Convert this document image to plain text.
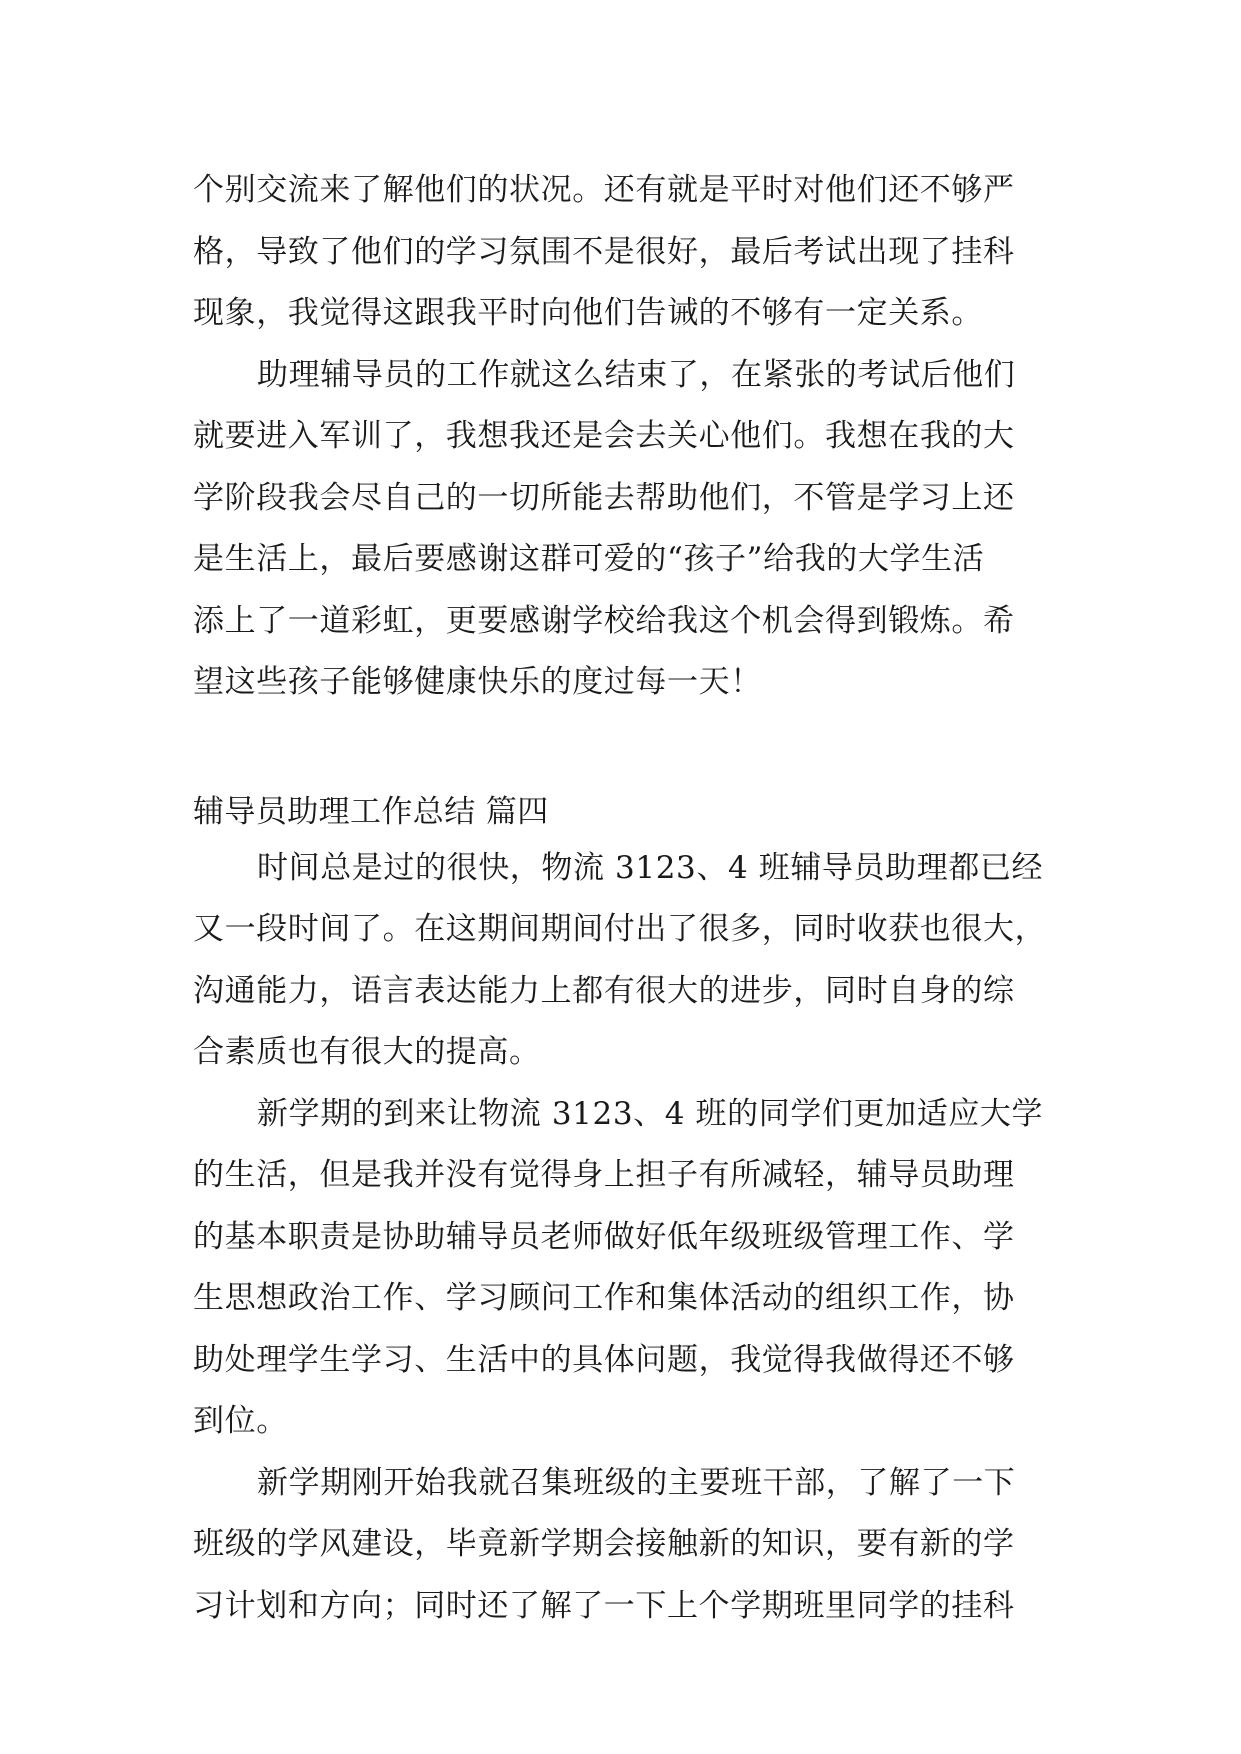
个别交流来了解他们的状况。还有就是平时对他们还不够严
格，导致了他们的学习氛围不是很好，最后考试出现了挂科
现象，我觉得这跟我平时向他们告诫的不够有一定关系。
助理辅导员的工作就这么结束了，在紧张的考试后他们
就要进入军训了，我想我还是会去关心他们。我想在我的大
学阶段我会尽自己的一切所能去帮助他们，不管是学习上还
是生活上，最后要感谢这群可爱的“孩子”给我的大学生活
添上了一道彩虹，更要感谢学校给我这个机会得到锻炼。希
望这些孩子能够健康快乐的度过每一天！
辅导员助理工作总结 篇四
时间总是过的很快，物流 3123、4 班辅导员助理都已经
又一段时间了。在这期间期间付出了很多，同时收获也很大，
沟通能力，语言表达能力上都有很大的进步，同时自身的综
合素质也有很大的提高。
新学期的到来让物流 3123、4 班的同学们更加适应大学
的生活，但是我并没有觉得身上担子有所减轻，辅导员助理
的基本职责是协助辅导员老师做好低年级班级管理工作、学
生思想政治工作、学习顾问工作和集体活动的组织工作，协
助处理学生学习、生活中的具体问题，我觉得我做得还不够
到位。
新学期刚开始我就召集班级的主要班干部，了解了一下
班级的学风建设，毕竟新学期会接触新的知识，要有新的学
习计划和方向；同时还了解了一下上个学期班里同学的挂科
